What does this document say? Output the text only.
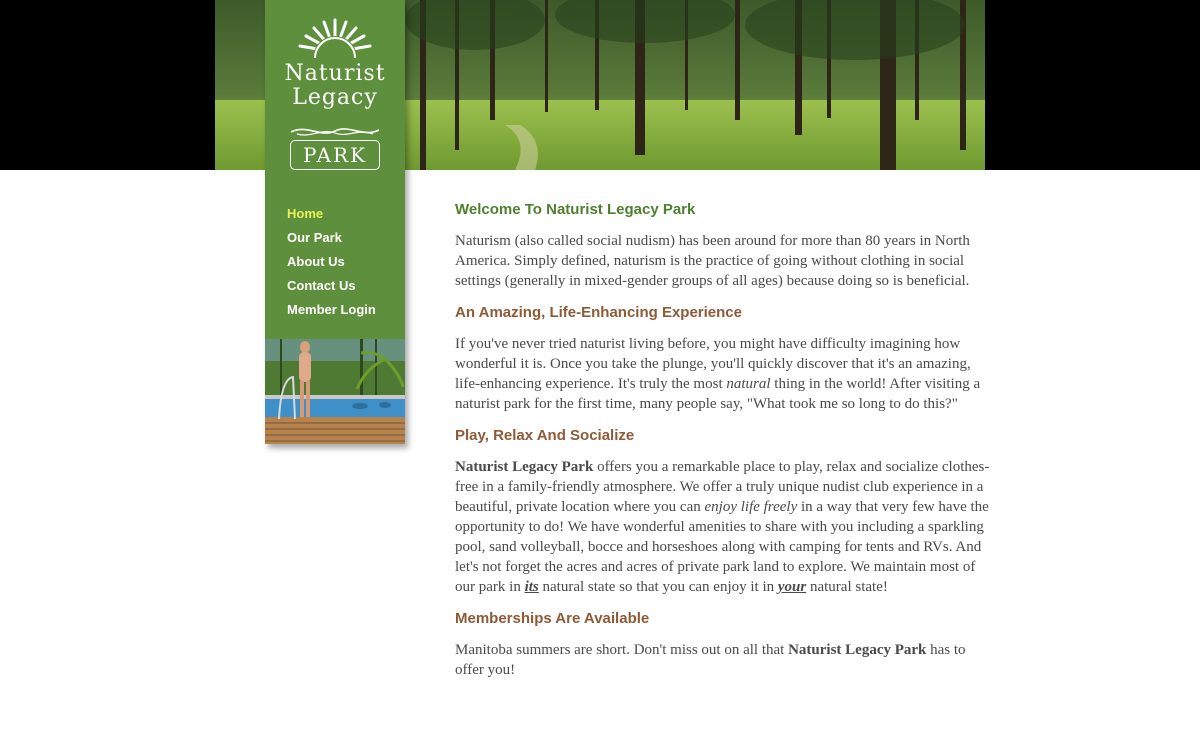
Naturist
Legacy
PARK
Home
Our Park
About Us
Contact Us
Member Login
Welcome To Naturist Legacy Park

Naturism (also called social nudism) has been around for more than 80 years in North America. Simply defined, naturism is the practice of going without clothing in social settings (generally in mixed-gender groups of all ages) because doing so is beneficial.

An Amazing, Life-Enhancing Experience

If you've never tried naturist living before, you might have difficulty imagining how wonderful it is. Once you take the plunge, you'll quickly discover that it's an amazing, life-enhancing experience. It's truly the most natural thing in the world! After visiting a naturist park for the first time, many people say, "What took me so long to do this?"

Play, Relax And Socialize

Naturist Legacy Park offers you a remarkable place to play, relax and socialize clothes-free in a family-friendly atmosphere. We offer a truly unique nudist club experience in a beautiful, private location where you can enjoy life freely in a way that very few have the opportunity to do! We have wonderful amenities to share with you including a sparkling pool, sand volleyball, bocce and horseshoes along with camping for tents and RVs. And let's not forget the acres and acres of private park land to explore. We maintain most of our park in its natural state so that you can enjoy it in your natural state!

Memberships Are Available

Manitoba summers are short. Don't miss out on all that Naturist Legacy Park has to offer you!
